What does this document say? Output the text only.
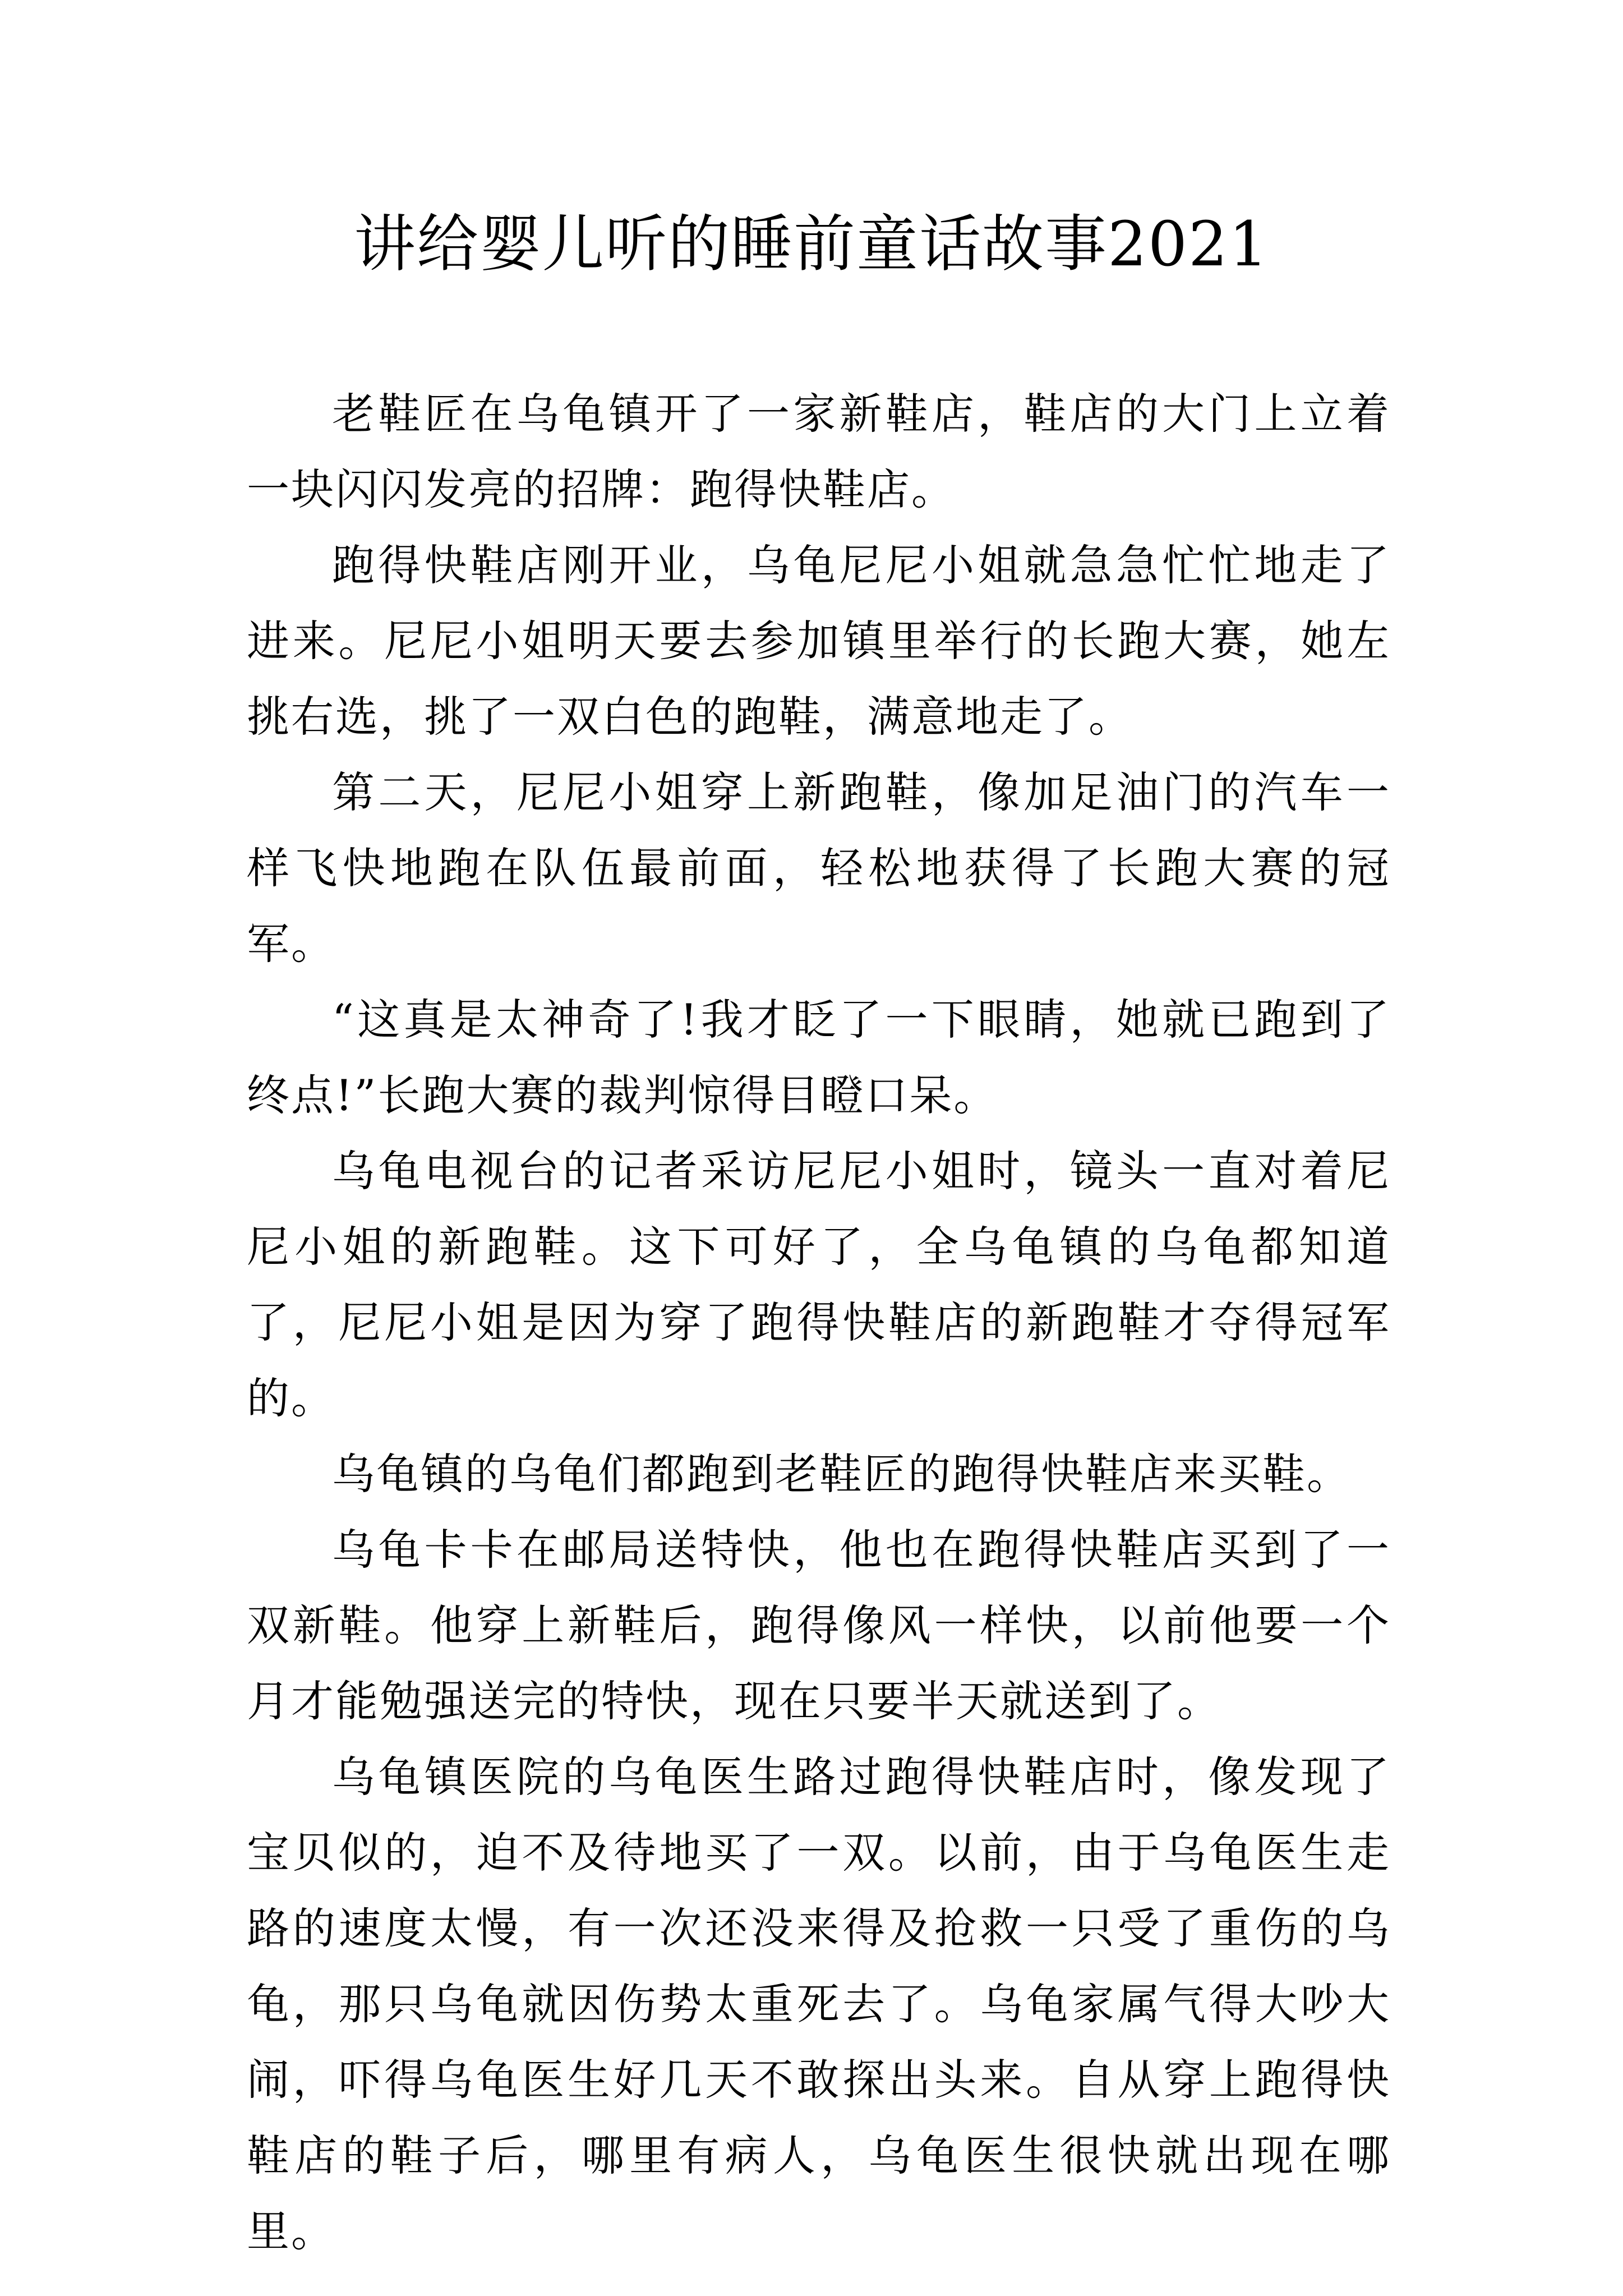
讲给婴儿听的睡前童话故事2021

老鞋匠在乌龟镇开了一家新鞋店，鞋店的大门上立着一块闪闪发亮的招牌：跑得快鞋店。

跑得快鞋店刚开业，乌龟尼尼小姐就急急忙忙地走了进来。尼尼小姐明天要去参加镇里举行的长跑大赛，她左挑右选，挑了一双白色的跑鞋，满意地走了。

第二天，尼尼小姐穿上新跑鞋，像加足油门的汽车一样飞快地跑在队伍最前面，轻松地获得了长跑大赛的冠军。

“这真是太神奇了!我才眨了一下眼睛，她就已跑到了终点!”长跑大赛的裁判惊得目瞪口呆。

乌龟电视台的记者采访尼尼小姐时，镜头一直对着尼尼小姐的新跑鞋。这下可好了，全乌龟镇的乌龟都知道了，尼尼小姐是因为穿了跑得快鞋店的新跑鞋才夺得冠军的。

乌龟镇的乌龟们都跑到老鞋匠的跑得快鞋店来买鞋。

乌龟卡卡在邮局送特快，他也在跑得快鞋店买到了一双新鞋。他穿上新鞋后，跑得像风一样快，以前他要一个月才能勉强送完的特快，现在只要半天就送到了。

乌龟镇医院的乌龟医生路过跑得快鞋店时，像发现了宝贝似的，迫不及待地买了一双。以前，由于乌龟医生走路的速度太慢，有一次还没来得及抢救一只受了重伤的乌龟，那只乌龟就因伤势太重死去了。乌龟家属气得大吵大闹，吓得乌龟医生好几天不敢探出头来。自从穿上跑得快鞋店的鞋子后，哪里有病人，乌龟医生很快就出现在哪里。
